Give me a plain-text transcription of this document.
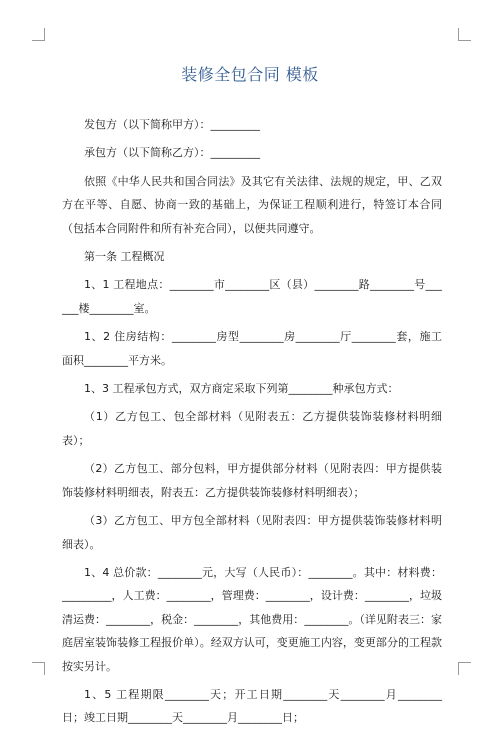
装修全包合同 模板

发包方（以下简称甲方）：_________

承包方（以下简称乙方）：_________

依照《中华人民共和国合同法》及其它有关法律、法规的规定，甲、乙双方在平等、自愿、协商一致的基础上，为保证工程顺利进行，特签订本合同（包括本合同附件和所有补充合同），以便共同遵守。

第一条 工程概况

1、1 工程地点：________市________区（县）________路________号______楼________室。

1、2 住房结构：________房型________房________厅________套，施工面积________平方米。

1、3 工程承包方式，双方商定采取下列第________种承包方式：

（1）乙方包工、包全部材料（见附表五：乙方提供装饰装修材料明细表）；

（2）乙方包工、部分包料，甲方提供部分材料（见附表四：甲方提供装饰装修材料明细表，附表五：乙方提供装饰装修材料明细表）；

（3）乙方包工、甲方包全部材料（见附表四：甲方提供装饰装修材料明细表）。

1、4 总价款：________元，大写（人民币）：________。其中：材料费：_________，人工费：________，管理费：________，设计费：________，垃圾清运费：________，税金：________，其他费用：________。（详见附表三：家庭居室装饰装修工程报价单）。经双方认可，变更施工内容，变更部分的工程款按实另计。

1、5 工程期限________天；开工日期________天________月________日；竣工日期________天________月________日；
